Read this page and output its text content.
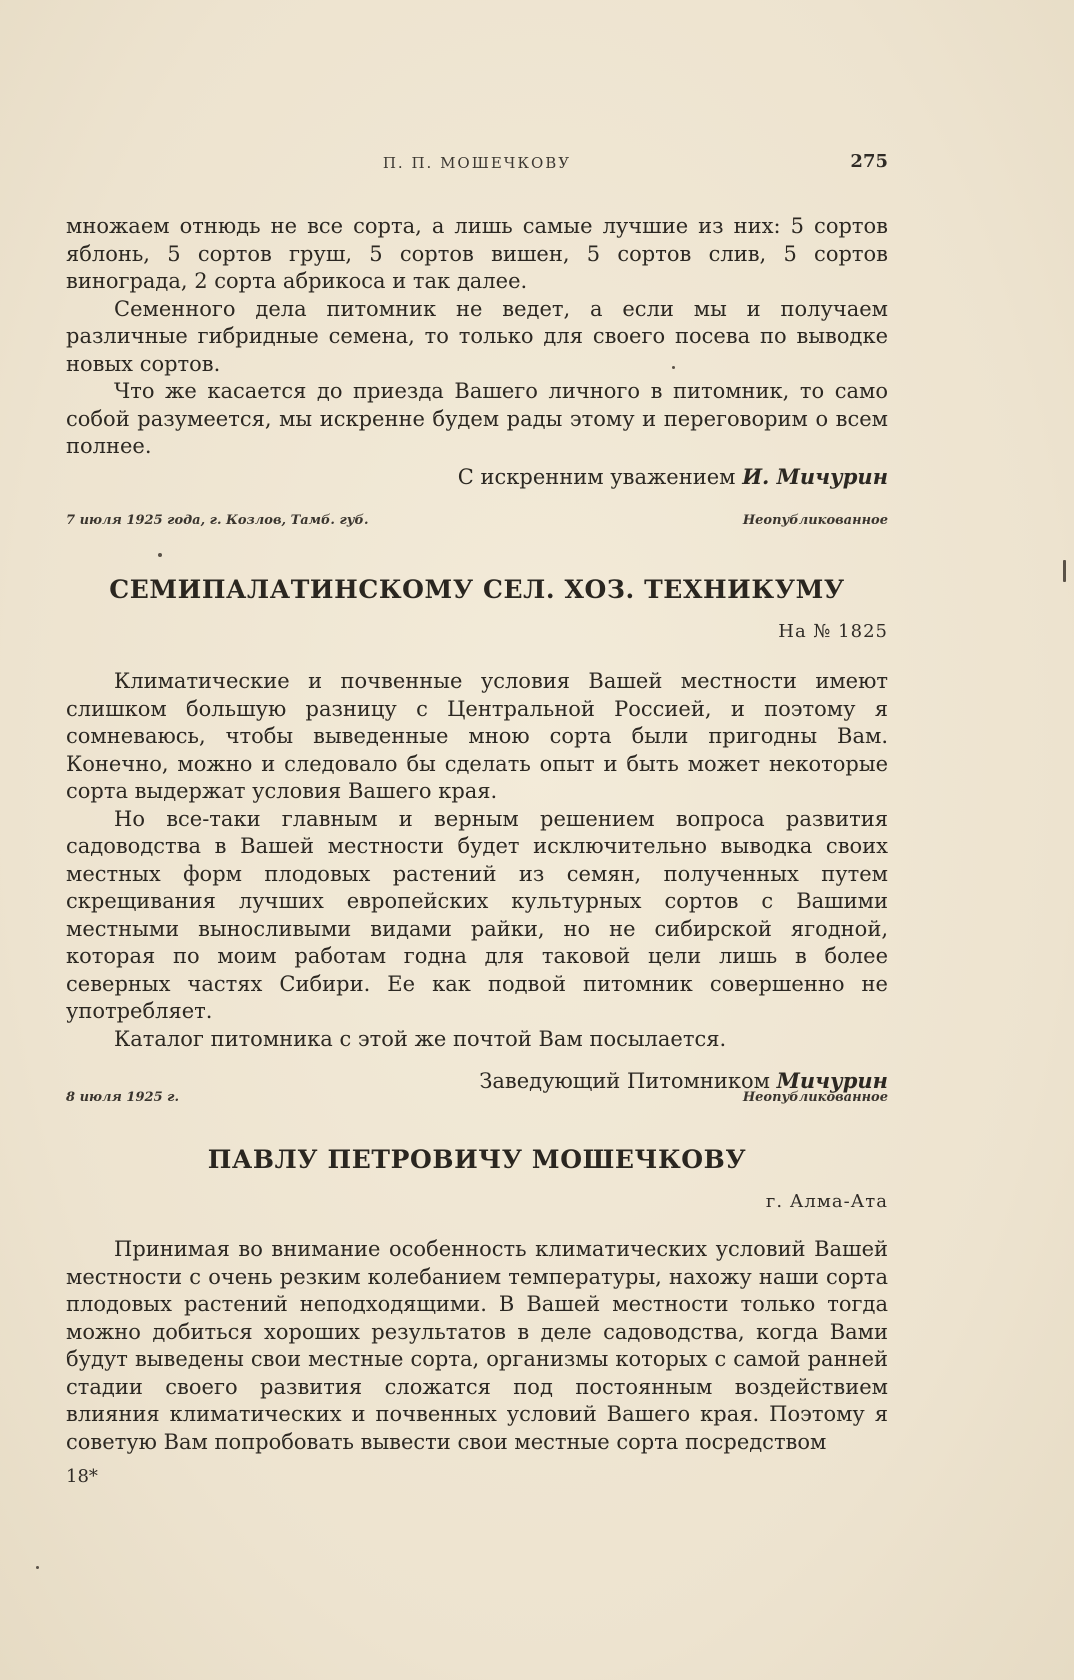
П. П. МОШЕЧКОВУ	275

множаем отнюдь не все сорта, а лишь самые лучшие из них: 5 сортов яблонь, 5 сортов груш, 5 сортов вишен, 5 сортов слив, 5 сортов винограда, 2 сорта абрикоса и так далее.

Семенного дела питомник не ведет, а если мы и получаем различные гибридные семена, то только для своего посева по выводке новых сортов.

Что же касается до приезда Вашего личного в питомник, то само собой разумеется, мы искренне будем рады этому и переговорим о всем полнее.

С искренним уважением И. Мичурин

7 июля 1925 года, г. Козлов, Тамб. губ.	Неопубликованное
СЕМИПАЛАТИНСКОМУ СЕЛ. ХОЗ. ТЕХНИКУМУ
На № 1825

Климатические и почвенные условия Вашей местности имеют слишком большую разницу с Центральной Россией, и поэтому я сомневаюсь, чтобы выведенные мною сорта были пригодны Вам. Конечно, можно и следовало бы сделать опыт и быть может некоторые сорта выдержат условия Вашего края.

Но все-таки главным и верным решением вопроса развития садоводства в Вашей местности будет исключительно выводка своих местных форм плодовых растений из семян, полученных путем скрещивания лучших европейских культурных сортов с Вашими местными выносливыми видами райки, но не сибирской ягодной, которая по моим работам годна для таковой цели лишь в более северных частях Сибири. Ее как подвой питомник совершенно не употребляет.

Каталог питомника с этой же почтой Вам посылается.

Заведующий Питомником Мичурин

8 июля 1925 г.	Неопубликованное
ПАВЛУ ПЕТРОВИЧУ МОШЕЧКОВУ
г. Алма-Ата

Принимая во внимание особенность климатических условий Вашей местности с очень резким колебанием температуры, нахожу наши сорта плодовых растений неподходящими. В Вашей местности только тогда можно добиться хороших результатов в деле садоводства, когда Вами будут выведены свои местные сорта, организмы которых с самой ранней стадии своего развития сложатся под постоянным воздействием влияния климатических и почвенных условий Вашего края. Поэтому я советую Вам попробовать вывести свои местные сорта посредством

18*
